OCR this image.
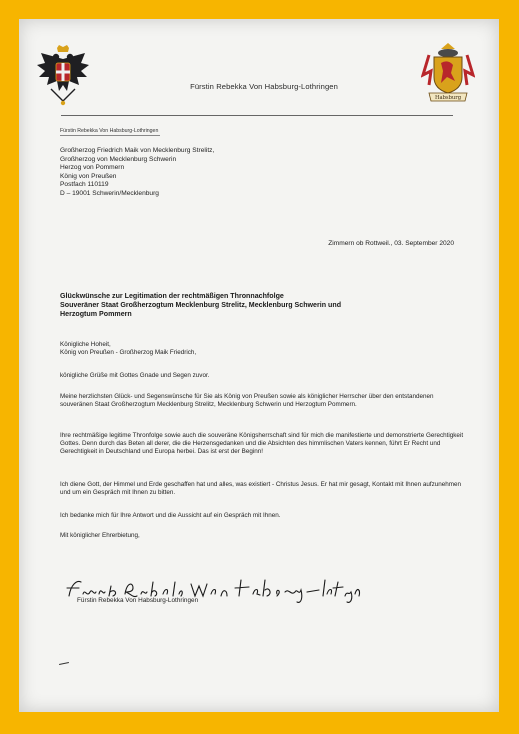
Fürstin Rebekka Von Habsburg-Lothringen
Habsburg
Fürstin Rebekka Von Habsburg-Lothringen
Großherzog Friedrich Maik von Mecklenburg Strelitz,
Großherzog von Mecklenburg Schwerin
Herzog von Pommern
König von Preußen
Postfach 110119
D – 19001 Schwerin/Mecklenburg
Zimmern ob Rottweil., 03. September 2020
Glückwünsche zur Legitimation der rechtmäßigen Thronnachfolge
Souveräner Staat Großherzogtum Mecklenburg Strelitz, Mecklenburg Schwerin und
Herzogtum Pommern
Königliche Hoheit,
König von Preußen - Großherzog Maik Friedrich,
königliche Grüße mit Gottes Gnade und Segen zuvor.
Meine herzlichsten Glück- und Segenswünsche für Sie als König von Preußen sowie als königlicher Herrscher über den entstandenen souveränen Staat Großherzogtum Mecklenburg Strelitz, Mecklenburg Schwerin und Herzogtum Pommern.
Ihre rechtmäßige legitime Thronfolge sowie auch die souveräne Königsherrschaft sind für mich die manifestierte und demonstrierte Gerechtigkeit Gottes. Denn durch das Beten all derer, die die Herzensgedanken und die Absichten des himmlischen Vaters kennen, führt Er Recht und Gerechtigkeit in Deutschland und Europa herbei. Das ist erst der Beginn!
Ich diene Gott, der Himmel und Erde geschaffen hat und alles, was existiert - Christus Jesus. Er hat mir gesagt, Kontakt mit Ihnen aufzunehmen und um ein Gespräch mit Ihnen zu bitten.
Ich bedanke mich für Ihre Antwort und die Aussicht auf ein Gespräch mit Ihnen.
Mit königlicher Ehrerbietung,
Fürstin Rebekka Von Habsburg-Lothringen
